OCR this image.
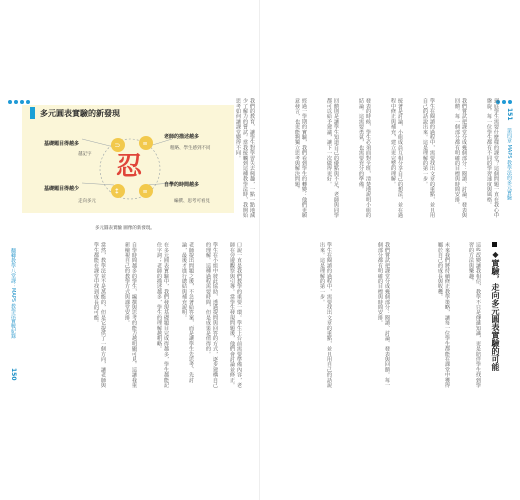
150
翻轉教學八堂課：MAPS 教學法實戰紀錄
多元圓表實驗的新發現
⊃
↕
≡
≡
忍
基礎題目得越多
越記字
基礎題目得越少
走向多元
老師的描述越多
粗略、學生感到不同
自學的時間越多
編撰、思考可看見
多元圓表實驗 圖像的新發現。
我們的教育，讓學生對學習失去興趣，一點一點地減少了解力的嘗試。當我接觸到這種教學法時，我開始思考如何讓課堂變得不同。
口說一直是我們教學的重要一環。學生上台前需要準備內容，老師在旁邊觀察與引導。當學生發現問題後，他們會討論並修正。
學生在小組中彼此協助，透過提問與回答的方式，逐步建構自己的理解。這種過程需要時間，但是成果是值得的。
老師提出問題之後，不急著給答案，而是讓學生先思考、先討論，最後才進行總結與補充說明。
在多元圓表實驗中，我們發現基礎題目完成得越多，學生越能記住字詞；老師的描述越多，學生的理解越粗略。
自學時間越多的學生，編撰與思考的能力越明顯可見。這讓我重新檢視自己的教學方式與課堂安排。
當然，教學法並不是萬能的，但是它提供了一個方向，讓老師與學生都能在課堂中找到成長的可能。
151
第四章 MAPS 教學法的多元實驗
到底學生需要什麼樣的課堂？這個問題一直在我心中盤旋。每一位學生都有不同的學習速度與風格。
我們嘗試把課堂分成幾個部分：閱讀、討論、發表與回饋。每一個部分都有明確的目標與時間安排。
學生在閱讀的過程中，需要找出文章的重點，並且用自己的話說出來。這是理解的第一步。
接著是討論，小組成員互相分享自己的想法，並在過程中修正與補充，建立更完整的理解。
發表的時候，學生必須面對全班，清楚地說明小組的結論。這需要勇氣，也需要充分的準備。
回饋則是讓學生知道自己的優點與不足，老師與同學都可以給予建議，讓下一次做得更好。
經過一學期的實驗，我們看到學生的轉變：他們更願意發言，也更能夠獨立思考與解決問題。
◆實驗，走向多元圓表實驗的可能
這些改變讓我相信，教學不只是傳遞知識，更是陪伴學生找到學習的方法與樂趣。
未來我們將持續修正教學策略，讓每一位學生都能在課堂中獲得屬於自己的成長與收穫。
我們嘗試把課堂分成幾個部分：閱讀、討論、發表與回饋。每一個部分都有明確的目標與時間安排。
學生在閱讀的過程中，需要找出文章的重點，並且用自己的話說出來。這是理解的第一步。
